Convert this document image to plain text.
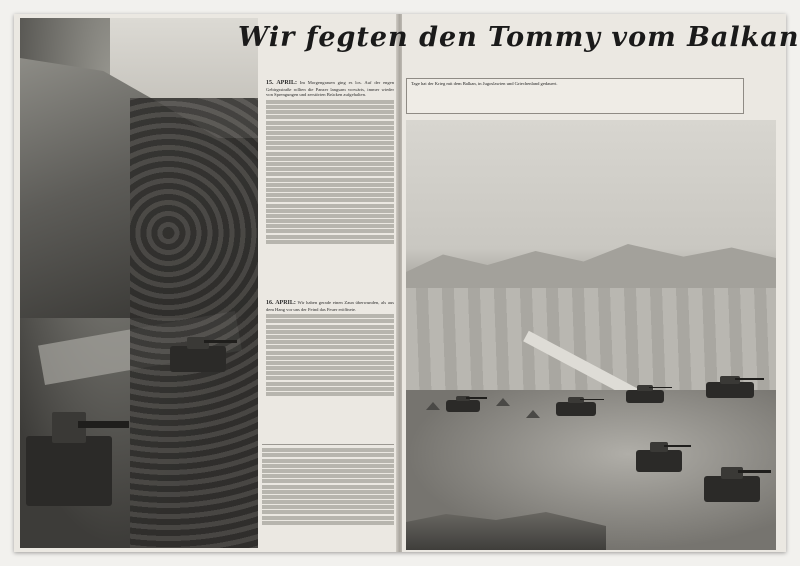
15. APRIL: Im Morgengrauen ging es los. Auf der engen Gebirgsstraße rollten die Panzer langsam vorwärts, immer wieder von Sprengungen und zerstörten Brücken aufgehalten.

16. APRIL: Wir haben gerade einen Zaun überwunden, als aus dem Hang vor uns der Feind das Feuer eröffnete.

Wir fegten den Tommy vom Balkan

Tage hat der Krieg mit dem Balkan, in Jugoslawien und Griechenland gedauert.
